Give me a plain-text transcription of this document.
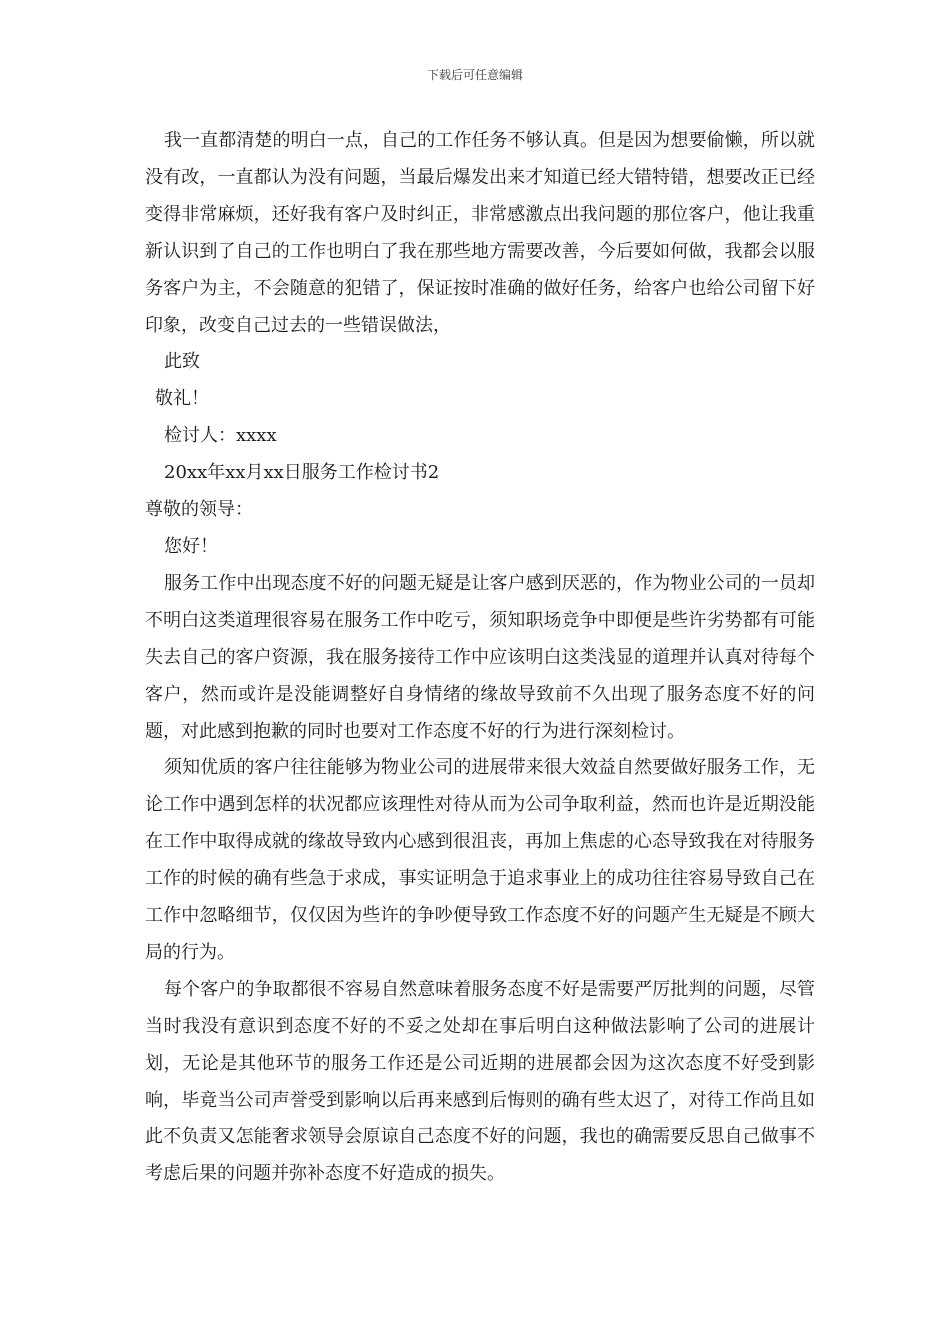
下载后可任意编辑

我一直都清楚的明白一点，自己的工作任务不够认真。但是因为想要偷懒，所以就没有改，一直都认为没有问题，当最后爆发出来才知道已经大错特错，想要改正已经变得非常麻烦，还好我有客户及时纠正，非常感激点出我问题的那位客户，他让我重新认识到了自己的工作也明白了我在那些地方需要改善，今后要如何做，我都会以服务客户为主，不会随意的犯错了，保证按时准确的做好任务，给客户也给公司留下好印象，改变自己过去的一些错误做法，

此致

敬礼！

检讨人：xxxx

20xx年xx月xx日服务工作检讨书2

尊敬的领导：

您好！

服务工作中出现态度不好的问题无疑是让客户感到厌恶的，作为物业公司的一员却不明白这类道理很容易在服务工作中吃亏，须知职场竞争中即便是些许劣势都有可能失去自己的客户资源，我在服务接待工作中应该明白这类浅显的道理并认真对待每个客户，然而或许是没能调整好自身情绪的缘故导致前不久出现了服务态度不好的问题，对此感到抱歉的同时也要对工作态度不好的行为进行深刻检讨。

须知优质的客户往往能够为物业公司的进展带来很大效益自然要做好服务工作，无论工作中遇到怎样的状况都应该理性对待从而为公司争取利益，然而也许是近期没能在工作中取得成就的缘故导致内心感到很沮丧，再加上焦虑的心态导致我在对待服务工作的时候的确有些急于求成，事实证明急于追求事业上的成功往往容易导致自己在工作中忽略细节，仅仅因为些许的争吵便导致工作态度不好的问题产生无疑是不顾大局的行为。

每个客户的争取都很不容易自然意味着服务态度不好是需要严厉批判的问题，尽管当时我没有意识到态度不好的不妥之处却在事后明白这种做法影响了公司的进展计划，无论是其他环节的服务工作还是公司近期的进展都会因为这次态度不好受到影响，毕竟当公司声誉受到影响以后再来感到后悔则的确有些太迟了，对待工作尚且如此不负责又怎能奢求领导会原谅自己态度不好的问题，我也的确需要反思自己做事不考虑后果的问题并弥补态度不好造成的损失。
